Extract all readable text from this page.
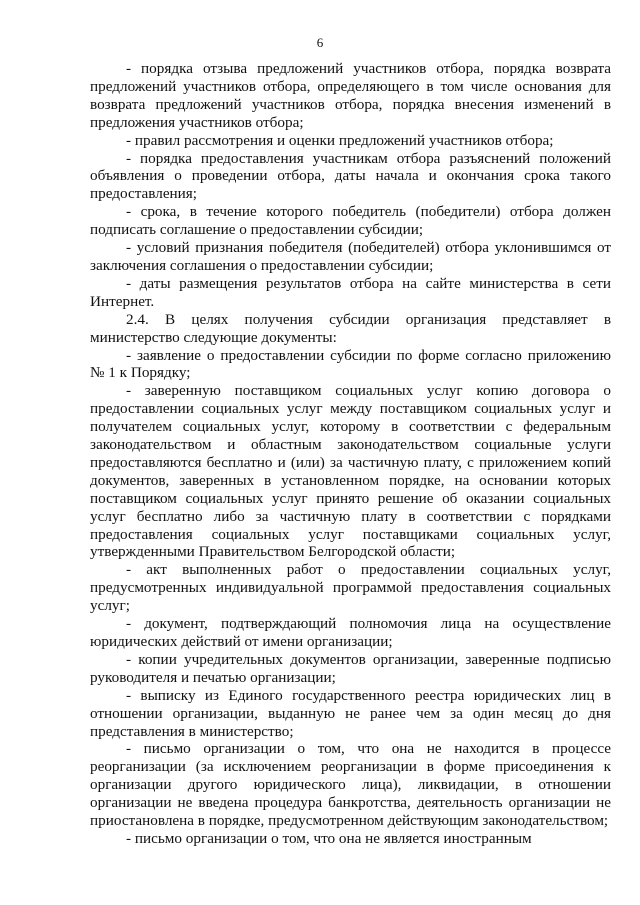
6

- порядка отзыва предложений участников отбора, порядка возврата предложений участников отбора, определяющего в том числе основания для возврата предложений участников отбора, порядка внесения изменений в предложения участников отбора;

- правил рассмотрения и оценки предложений участников отбора;

- порядка предоставления участникам отбора разъяснений положений объявления о проведении отбора, даты начала и окончания срока такого предоставления;

- срока, в течение которого победитель (победители) отбора должен подписать соглашение о предоставлении субсидии;

- условий признания победителя (победителей) отбора уклонившимся от заключения соглашения о предоставлении субсидии;

- даты размещения результатов отбора на сайте министерства в сети Интернет.

2.4. В целях получения субсидии организация представляет в министерство следующие документы:

- заявление о предоставлении субсидии по форме согласно приложению № 1 к Порядку;

- заверенную поставщиком социальных услуг копию договора о предоставлении социальных услуг между поставщиком социальных услуг и получателем социальных услуг, которому в соответствии с федеральным законодательством и областным законодательством социальные услуги предоставляются бесплатно и (или) за частичную плату, с приложением копий документов, заверенных в установленном порядке, на основании которых поставщиком социальных услуг принято решение об оказании социальных услуг бесплатно либо за частичную плату в соответствии с порядками предоставления социальных услуг поставщиками социальных услуг, утвержденными Правительством Белгородской области;

- акт выполненных работ о предоставлении социальных услуг, предусмотренных индивидуальной программой предоставления социальных услуг;

- документ, подтверждающий полномочия лица на осуществление юридических действий от имени организации;

- копии учредительных документов организации, заверенные подписью руководителя и печатью организации;

- выписку из Единого государственного реестра юридических лиц в отношении организации, выданную не ранее чем за один месяц до дня представления в министерство;

- письмо организации о том, что она не находится в процессе реорганизации (за исключением реорганизации в форме присоединения к организации другого юридического лица), ликвидации, в отношении организации не введена процедура банкротства, деятельность организации не приостановлена в порядке, предусмотренном действующим законодательством;

- письмо организации о том, что она не является иностранным
